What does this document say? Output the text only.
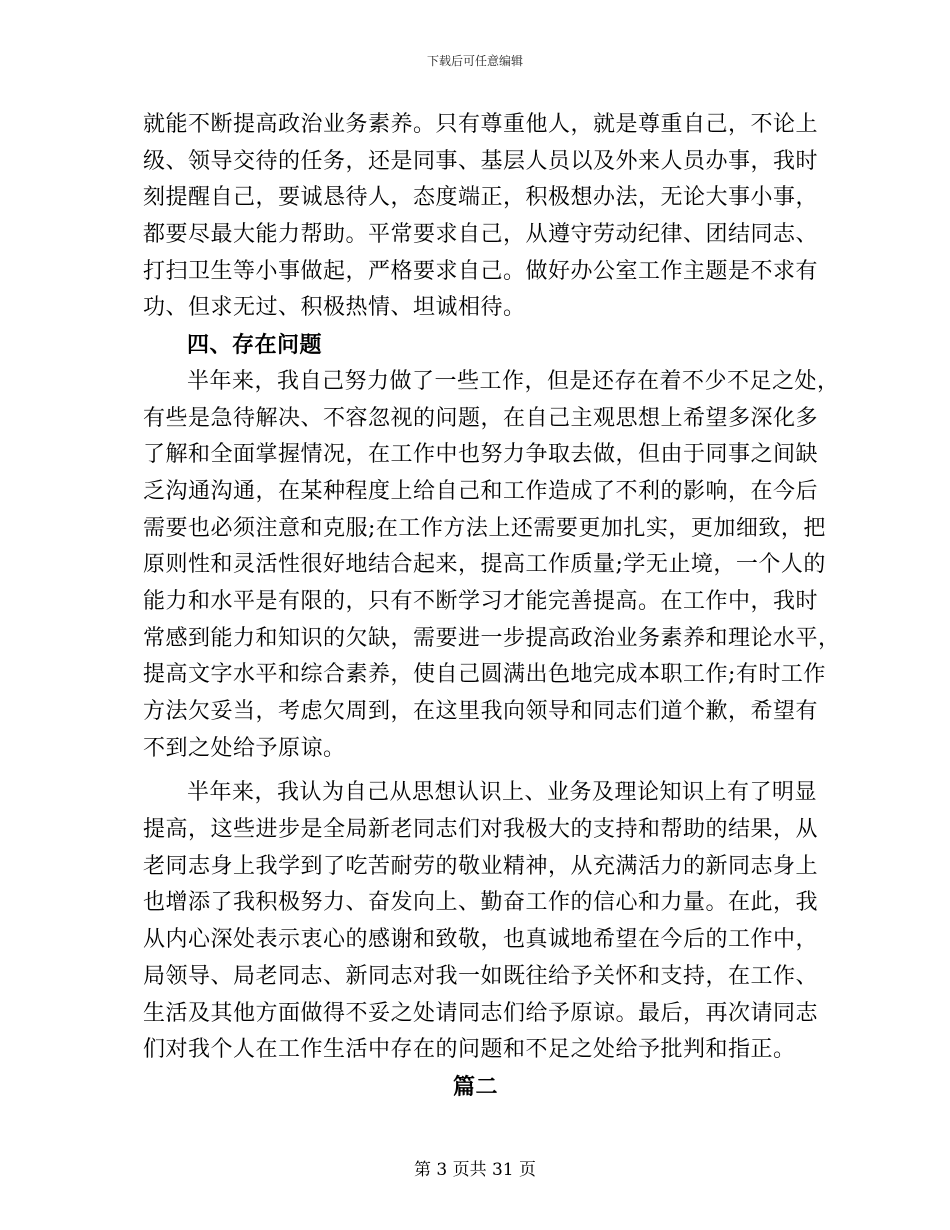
下载后可任意编辑
就能不断提高政治业务素养。只有尊重他人，就是尊重自己，不论上
级、领导交待的任务，还是同事、基层人员以及外来人员办事，我时
刻提醒自己，要诚恳待人，态度端正，积极想办法，无论大事小事，
都要尽最大能力帮助。平常要求自己，从遵守劳动纪律、团结同志、
打扫卫生等小事做起，严格要求自己。做好办公室工作主题是不求有
功、但求无过、积极热情、坦诚相待。
四、存在问题
半年来，我自己努力做了一些工作，但是还存在着不少不足之处，
有些是急待解决、不容忽视的问题，在自己主观思想上希望多深化多
了解和全面掌握情况，在工作中也努力争取去做，但由于同事之间缺
乏沟通沟通，在某种程度上给自己和工作造成了不利的影响，在今后
需要也必须注意和克服;在工作方法上还需要更加扎实，更加细致，把
原则性和灵活性很好地结合起来，提高工作质量;学无止境，一个人的
能力和水平是有限的，只有不断学习才能完善提高。在工作中，我时
常感到能力和知识的欠缺，需要进一步提高政治业务素养和理论水平，
提高文字水平和综合素养，使自己圆满出色地完成本职工作;有时工作
方法欠妥当，考虑欠周到，在这里我向领导和同志们道个歉，希望有
不到之处给予原谅。
半年来，我认为自己从思想认识上、业务及理论知识上有了明显
提高，这些进步是全局新老同志们对我极大的支持和帮助的结果，从
老同志身上我学到了吃苦耐劳的敬业精神，从充满活力的新同志身上
也增添了我积极努力、奋发向上、勤奋工作的信心和力量。在此，我
从内心深处表示衷心的感谢和致敬，也真诚地希望在今后的工作中，
局领导、局老同志、新同志对我一如既往给予关怀和支持，在工作、
生活及其他方面做得不妥之处请同志们给予原谅。最后，再次请同志
们对我个人在工作生活中存在的问题和不足之处给予批判和指正。
篇二
第 3 页共 31 页
